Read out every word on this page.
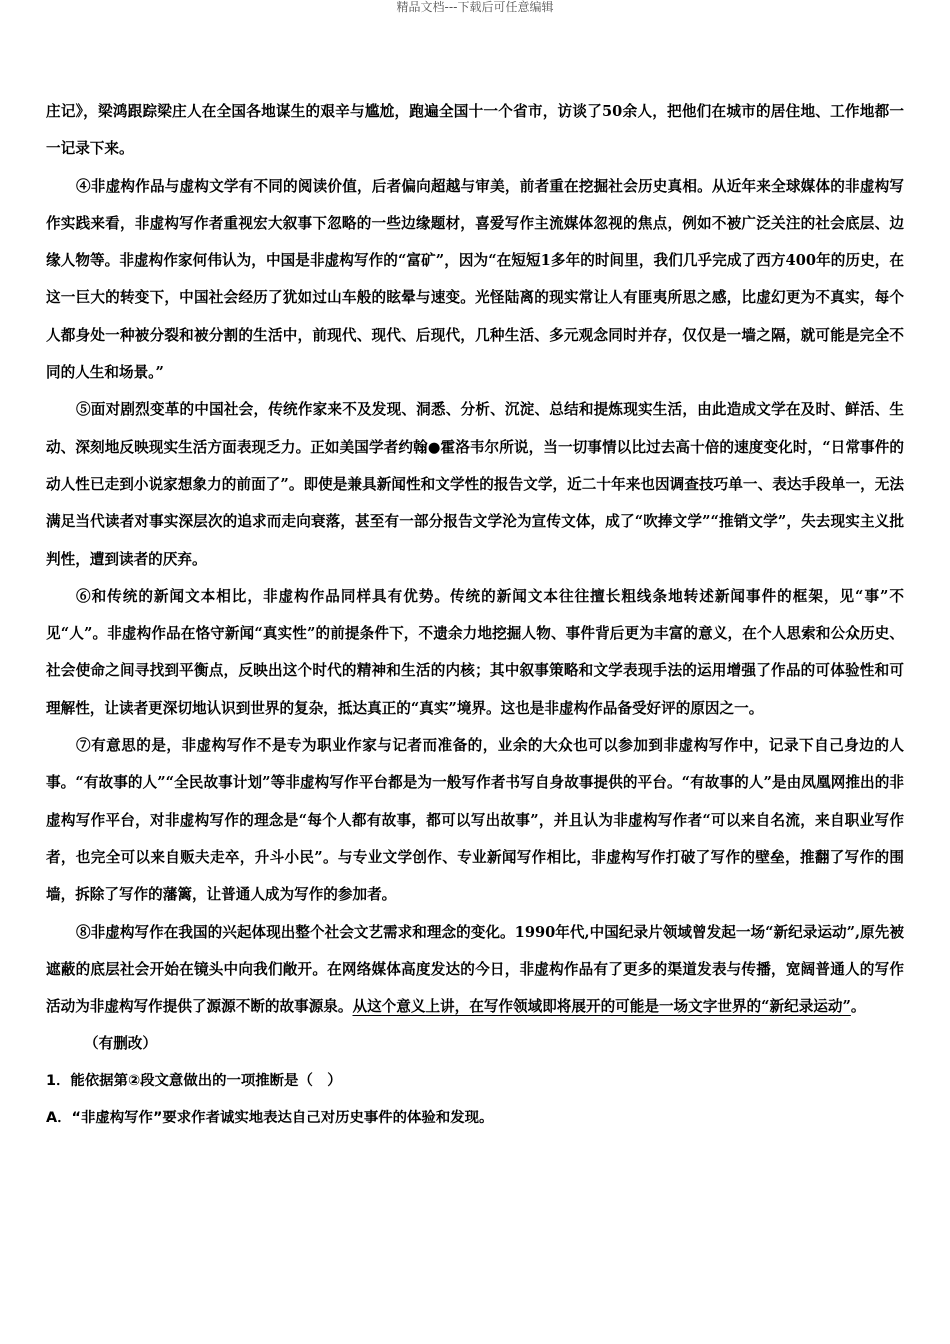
精品文档---下载后可任意编辑

庄记》，梁鸿跟踪梁庄人在全国各地谋生的艰辛与尴尬，跑遍全国十一个省市，访谈了50余人，把他们在城市的居住地、工作地都一一记录下来。

④非虚构作品与虚构文学有不同的阅读价值，后者偏向超越与审美，前者重在挖掘社会历史真相。从近年来全球媒体的非虚构写作实践来看，非虚构写作者重视宏大叙事下忽略的一些边缘题材，喜爱写作主流媒体忽视的焦点，例如不被广泛关注的社会底层、边缘人物等。非虚构作家何伟认为，中国是非虚构写作的“富矿”，因为“在短短1多年的时间里，我们几乎完成了西方400年的历史，在这一巨大的转变下，中国社会经历了犹如过山车般的眩晕与速变。光怪陆离的现实常让人有匪夷所思之感，比虚幻更为不真实，每个人都身处一种被分裂和被分割的生活中，前现代、现代、后现代，几种生活、多元观念同时并存，仅仅是一墙之隔，就可能是完全不同的人生和场景。”

⑤面对剧烈变革的中国社会，传统作家来不及发现、洞悉、分析、沉淀、总结和提炼现实生活，由此造成文学在及时、鲜活、生动、深刻地反映现实生活方面表现乏力。正如美国学者约翰●霍洛韦尔所说，当一切事情以比过去高十倍的速度变化时，“日常事件的动人性已走到小说家想象力的前面了”。即使是兼具新闻性和文学性的报告文学，近二十年来也因调查技巧单一、表达手段单一，无法满足当代读者对事实深层次的追求而走向衰落，甚至有一部分报告文学沦为宣传文体，成了“吹捧文学”“推销文学”，失去现实主义批判性，遭到读者的厌弃。

⑥和传统的新闻文本相比，非虚构作品同样具有优势。传统的新闻文本往往擅长粗线条地转述新闻事件的框架，见“事”不见“人”。非虚构作品在恪守新闻“真实性”的前提条件下，不遗余力地挖掘人物、事件背后更为丰富的意义，在个人思索和公众历史、社会使命之间寻找到平衡点，反映出这个时代的精神和生活的内核；其中叙事策略和文学表现手法的运用增强了作品的可体验性和可理解性，让读者更深切地认识到世界的复杂，抵达真正的“真实”境界。这也是非虚构作品备受好评的原因之一。

⑦有意思的是，非虚构写作不是专为职业作家与记者而准备的，业余的大众也可以参加到非虚构写作中，记录下自己身边的人事。“有故事的人”“全民故事计划”等非虚构写作平台都是为一般写作者书写自身故事提供的平台。“有故事的人”是由凤凰网推出的非虚构写作平台，对非虚构写作的理念是“每个人都有故事，都可以写出故事”，并且认为非虚构写作者“可以来自名流，来自职业写作者，也完全可以来自贩夫走卒，升斗小民”。与专业文学创作、专业新闻写作相比，非虚构写作打破了写作的壁垒，推翻了写作的围墙，拆除了写作的藩篱，让普通人成为写作的参加者。

⑧非虚构写作在我国的兴起体现出整个社会文艺需求和理念的变化。1990年代,中国纪录片领域曾发起一场“新纪录运动”,原先被遮蔽的底层社会开始在镜头中向我们敞开。在网络媒体高度发达的今日，非虚构作品有了更多的渠道发表与传播，宽阔普通人的写作活动为非虚构写作提供了源源不断的故事源泉。从这个意义上讲，在写作领域即将展开的可能是一场文字世界的“新纪录运动”。

（有删改）

1．能依据第②段文意做出的一项推断是（　）

A．“非虚构写作”要求作者诚实地表达自己对历史事件的体验和发现。
